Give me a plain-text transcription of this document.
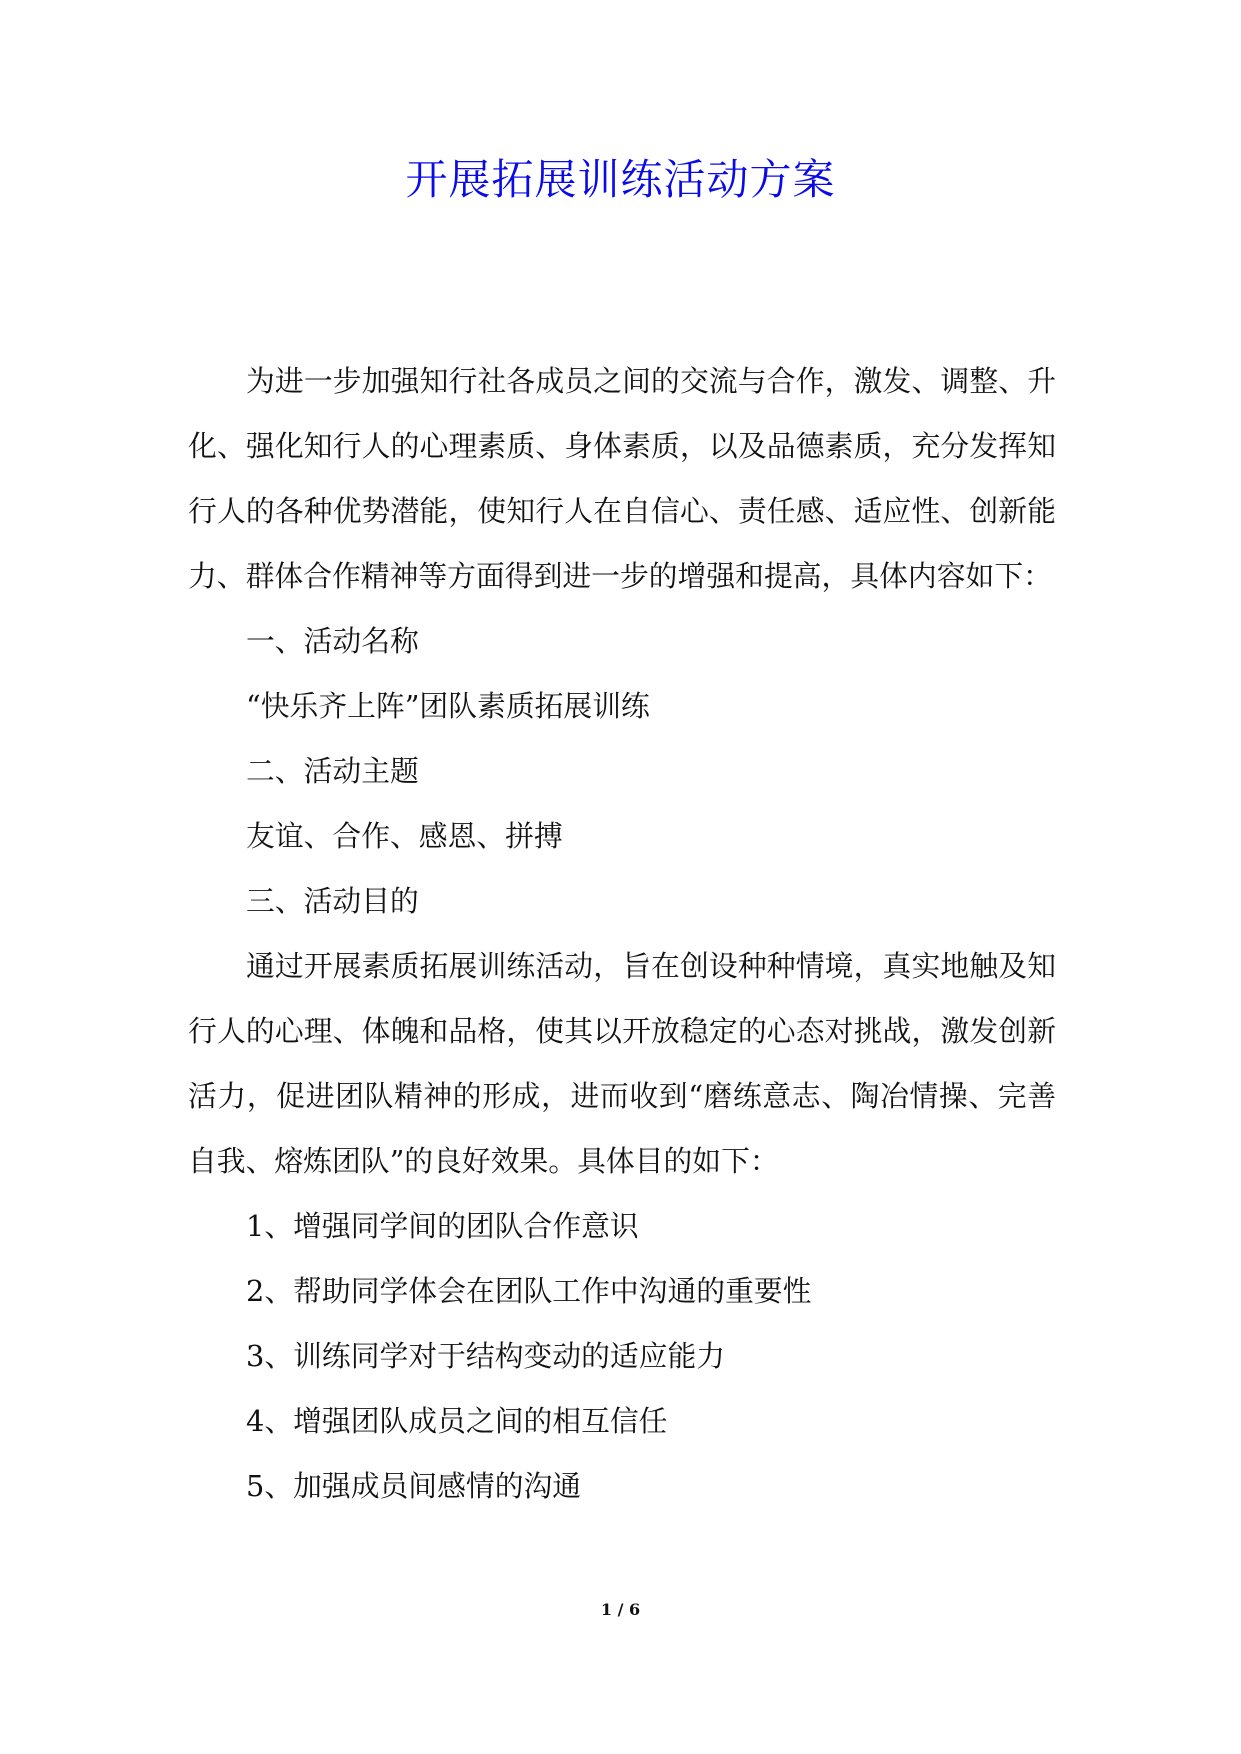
开展拓展训练活动方案

为进一步加强知行社各成员之间的交流与合作，激发、调整、升化、强化知行人的心理素质、身体素质，以及品德素质，充分发挥知行人的各种优势潜能，使知行人在自信心、责任感、适应性、创新能力、群体合作精神等方面得到进一步的增强和提高，具体内容如下：

一、活动名称

“快乐齐上阵”团队素质拓展训练

二、活动主题

友谊、合作、感恩、拼搏

三、活动目的

通过开展素质拓展训练活动，旨在创设种种情境，真实地触及知行人的心理、体魄和品格，使其以开放稳定的心态对挑战，激发创新活力，促进团队精神的形成，进而收到“磨练意志、陶冶情操、完善自我、熔炼团队”的良好效果。具体目的如下：

1、增强同学间的团队合作意识

2、帮助同学体会在团队工作中沟通的重要性

3、训练同学对于结构变动的适应能力

4、增强团队成员之间的相互信任

5、加强成员间感情的沟通

1 / 6
